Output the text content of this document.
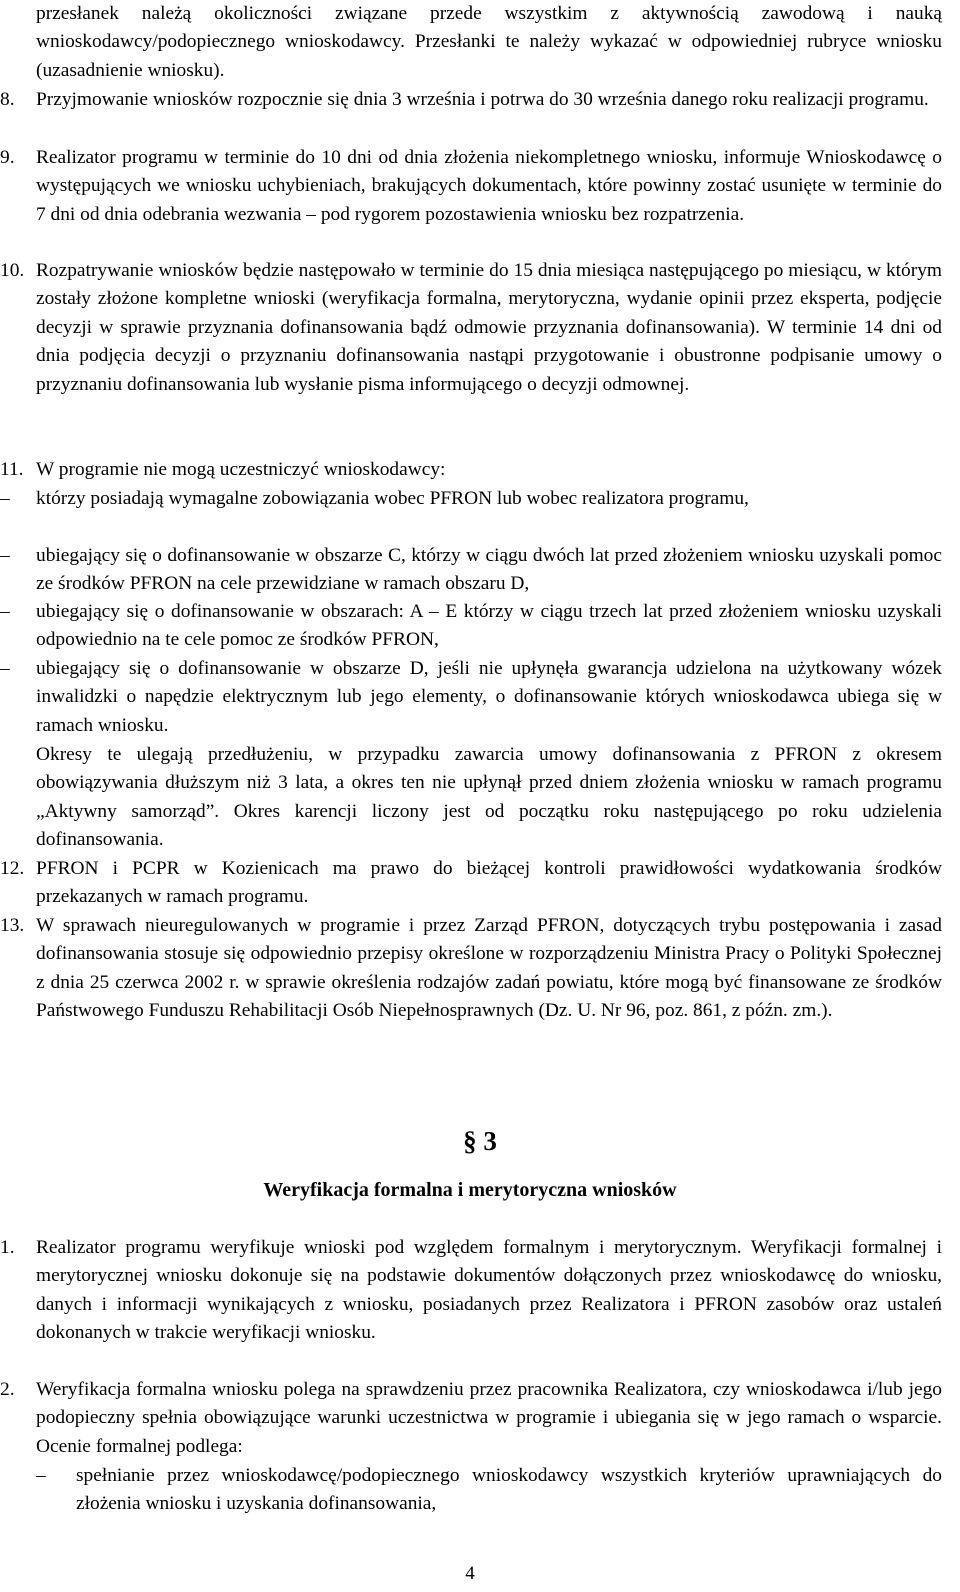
przesłanek należą okoliczności związane przede wszystkim z aktywnością zawodową i nauką wnioskodawcy/podopiecznego wnioskodawcy. Przesłanki te należy wykazać w odpowiedniej rubryce wniosku (uzasadnienie wniosku).
8.	Przyjmowanie wniosków rozpocznie się dnia 3 września i potrwa do 30 września danego roku realizacji programu.
9.	Realizator programu w terminie do 10 dni od dnia złożenia niekompletnego wniosku, informuje Wnioskodawcę o występujących we wniosku uchybieniach, brakujących dokumentach, które powinny zostać usunięte w terminie do 7 dni od dnia odebrania wezwania – pod rygorem pozostawienia wniosku bez rozpatrzenia.
10. Rozpatrywanie wniosków będzie następowało w terminie do 15 dnia miesiąca następującego po miesiącu, w którym zostały złożone kompletne wnioski (weryfikacja formalna, merytoryczna, wydanie opinii przez eksperta, podjęcie decyzji w sprawie przyznania dofinansowania bądź odmowie przyznania dofinansowania). W terminie 14 dni od dnia podjęcia decyzji o przyznaniu dofinansowania nastąpi przygotowanie i obustronne podpisanie umowy o przyznaniu dofinansowania lub wysłanie pisma informującego o decyzji odmownej.
11. W programie nie mogą uczestniczyć wnioskodawcy:
–	którzy posiadają wymagalne zobowiązania wobec PFRON lub wobec realizatora programu,
–	ubiegający się o dofinansowanie w obszarze C, którzy w ciągu dwóch lat przed złożeniem wniosku uzyskali pomoc ze środków PFRON na cele przewidziane w ramach obszaru D,
–	ubiegający się o dofinansowanie w obszarach: A – E którzy w ciągu trzech lat przed złożeniem wniosku uzyskali odpowiednio na te cele pomoc ze środków PFRON,
–	ubiegający się o dofinansowanie w obszarze D, jeśli nie upłynęła gwarancja udzielona na użytkowany wózek inwalidzki o napędzie elektrycznym lub jego elementy, o dofinansowanie których wnioskodawca ubiega się w ramach wniosku.
Okresy te ulegają przedłużeniu, w przypadku zawarcia umowy dofinansowania z PFRON z okresem obowiązywania dłuższym niż 3 lata, a okres ten nie upłynął przed dniem złożenia wniosku w ramach programu „Aktywny samorząd”. Okres karencji liczony jest od początku roku następującego po roku udzielenia dofinansowania.
12. PFRON i PCPR w Kozienicach ma prawo do bieżącej kontroli prawidłowości wydatkowania środków przekazanych w ramach programu.
13. W sprawach nieuregulowanych w programie i przez Zarząd PFRON, dotyczących trybu postępowania i zasad dofinansowania stosuje się odpowiednio przepisy określone w rozporządzeniu Ministra Pracy o Polityki Społecznej z dnia 25 czerwca 2002 r. w sprawie określenia rodzajów zadań powiatu, które mogą być finansowane ze środków Państwowego Funduszu Rehabilitacji Osób Niepełnosprawnych (Dz. U. Nr 96, poz. 861, z późn. zm.).
§ 3
Weryfikacja formalna i merytoryczna wniosków
1.	Realizator programu weryfikuje wnioski pod względem formalnym i merytorycznym. Weryfikacji formalnej i merytorycznej wniosku dokonuje się na podstawie dokumentów dołączonych przez wnioskodawcę do wniosku, danych i informacji wynikających z wniosku, posiadanych przez Realizatora i PFRON zasobów oraz ustaleń dokonanych w trakcie weryfikacji wniosku.
2.	Weryfikacja formalna wniosku polega na sprawdzeniu przez pracownika Realizatora, czy wnioskodawca i/lub jego podopieczny spełnia obowiązujące warunki uczestnictwa w programie i ubiegania się w jego ramach o wsparcie. Ocenie formalnej podlega:
–	spełnianie przez wnioskodawcę/podopiecznego wnioskodawcy wszystkich kryteriów uprawniających do złożenia wniosku i uzyskania dofinansowania,
4
